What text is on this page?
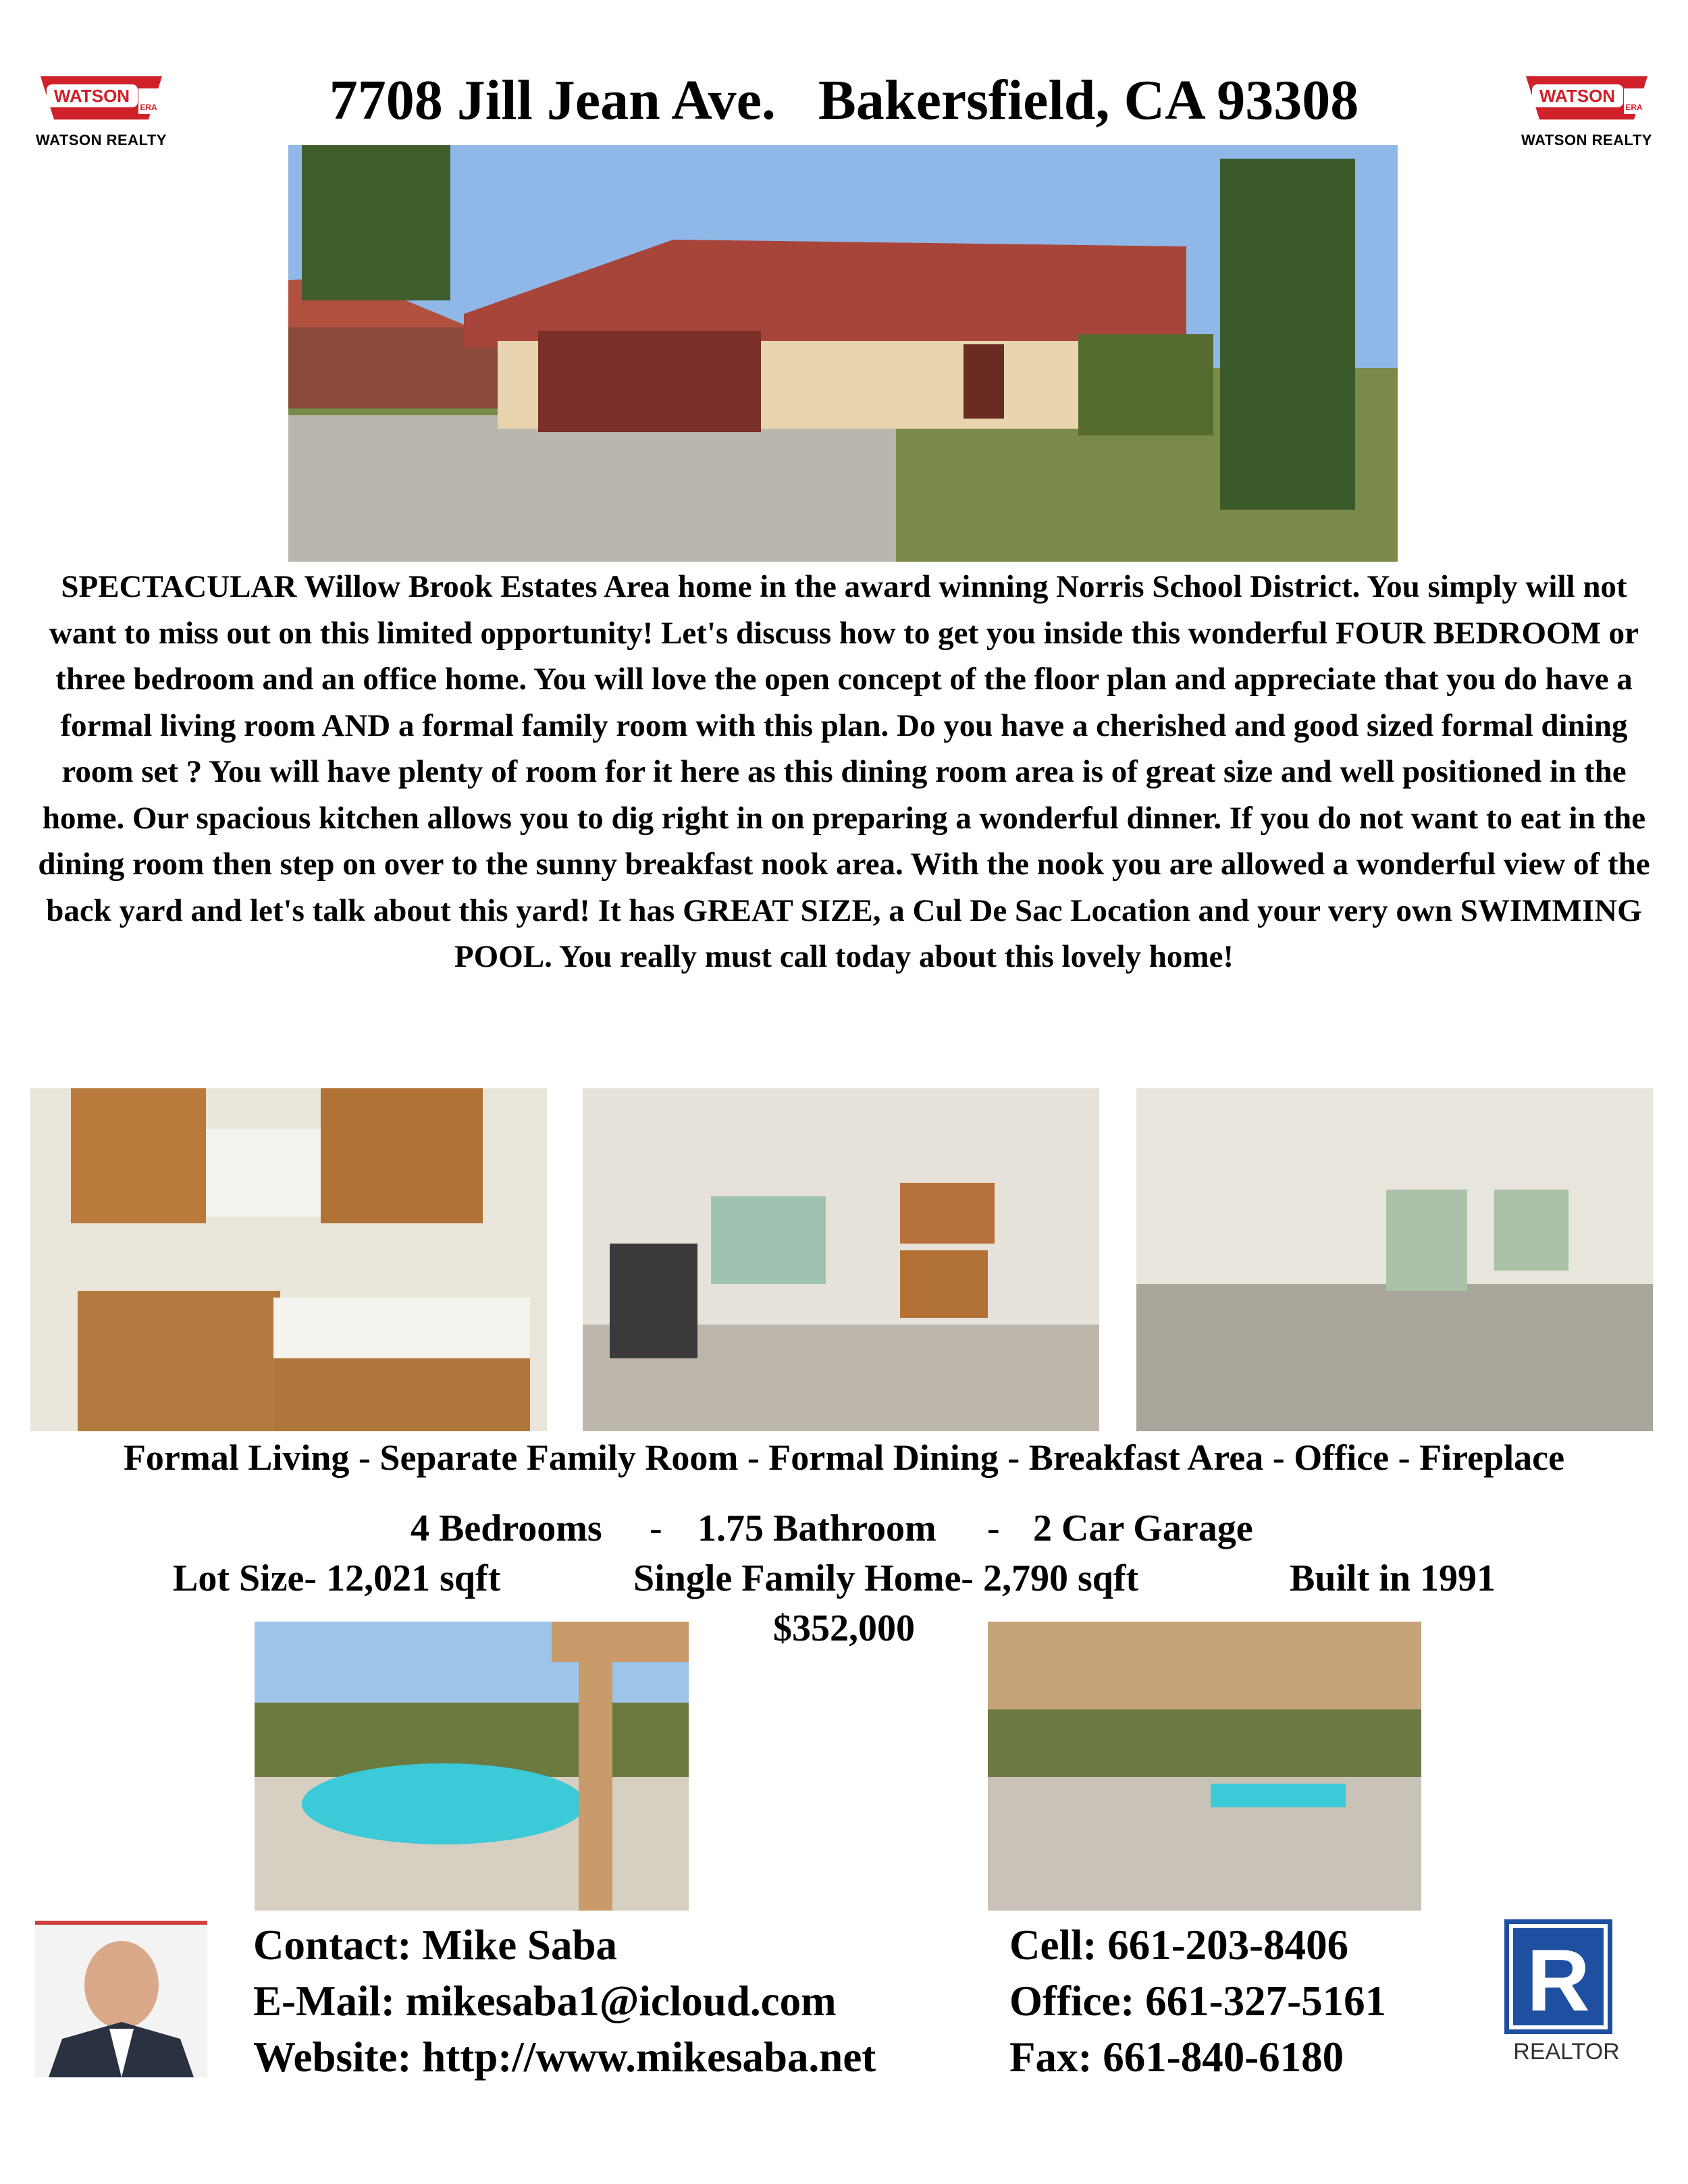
WATSON
ERA
WATSON REALTY
WATSON
ERA
WATSON REALTY
7708 Jill Jean Ave.   Bakersfield, CA 93308
SPECTACULAR Willow Brook Estates Area home in the award winning Norris School District. You simply will not want to miss out on this limited opportunity! Let's discuss how to get you inside this wonderful FOUR BEDROOM or three bedroom and an office home. You will love the open concept of the floor plan and appreciate that you do have a formal living room AND a formal family room with this plan. Do you have a cherished and good sized formal dining room set ? You will have plenty of room for it here as this dining room area is of great size and well positioned in the home. Our spacious kitchen allows you to dig right in on preparing a wonderful dinner. If you do not want to eat in the dining room then step on over to the sunny breakfast nook area. With the nook you are allowed a wonderful view of the back yard and let's talk about this yard! It has GREAT SIZE, a Cul De Sac Location and your very own SWIMMING POOL. You really must call today about this lovely home!
Formal Living - Separate Family Room - Formal Dining - Breakfast Area - Office - Fireplace
4 Bedrooms - 1.75 Bathroom - 2 Car Garage
Lot Size- 12,021 sqft	Single Family Home- 2,790 sqft	Built in 1991
$352,000
Contact: Mike Saba
E-Mail: mikesaba1@icloud.com
Website: http://www.mikesaba.net
Cell: 661-203-8406
Office: 661-327-5161
Fax: 661-840-6180
R
REALTOR
